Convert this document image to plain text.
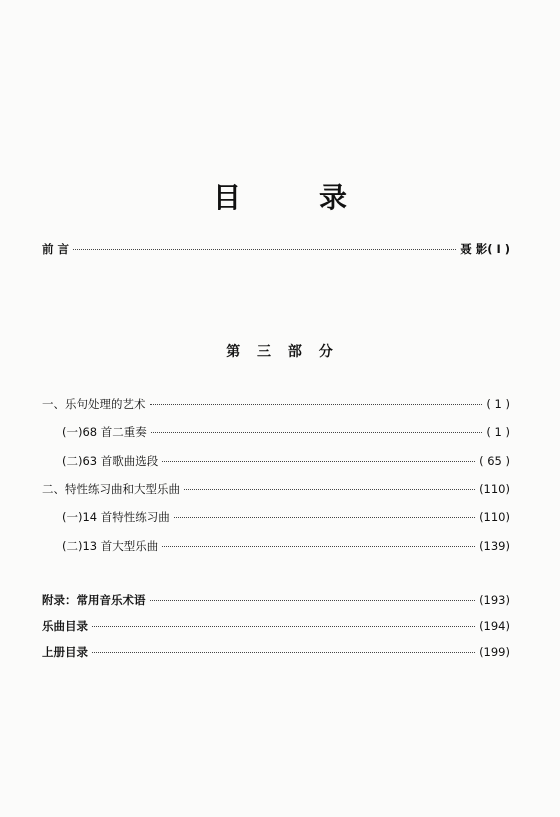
目	录
前 言	聂 影( I )
第 三 部 分
一、乐句处理的艺术	( 1 )
(一)68 首二重奏	( 1 )
(二)63 首歌曲选段	( 65 )
二、特性练习曲和大型乐曲	(110)
(一)14 首特性练习曲	(110)
(二)13 首大型乐曲	(139)
附录：常用音乐术语	(193)
乐曲目录	(194)
上册目录	(199)
